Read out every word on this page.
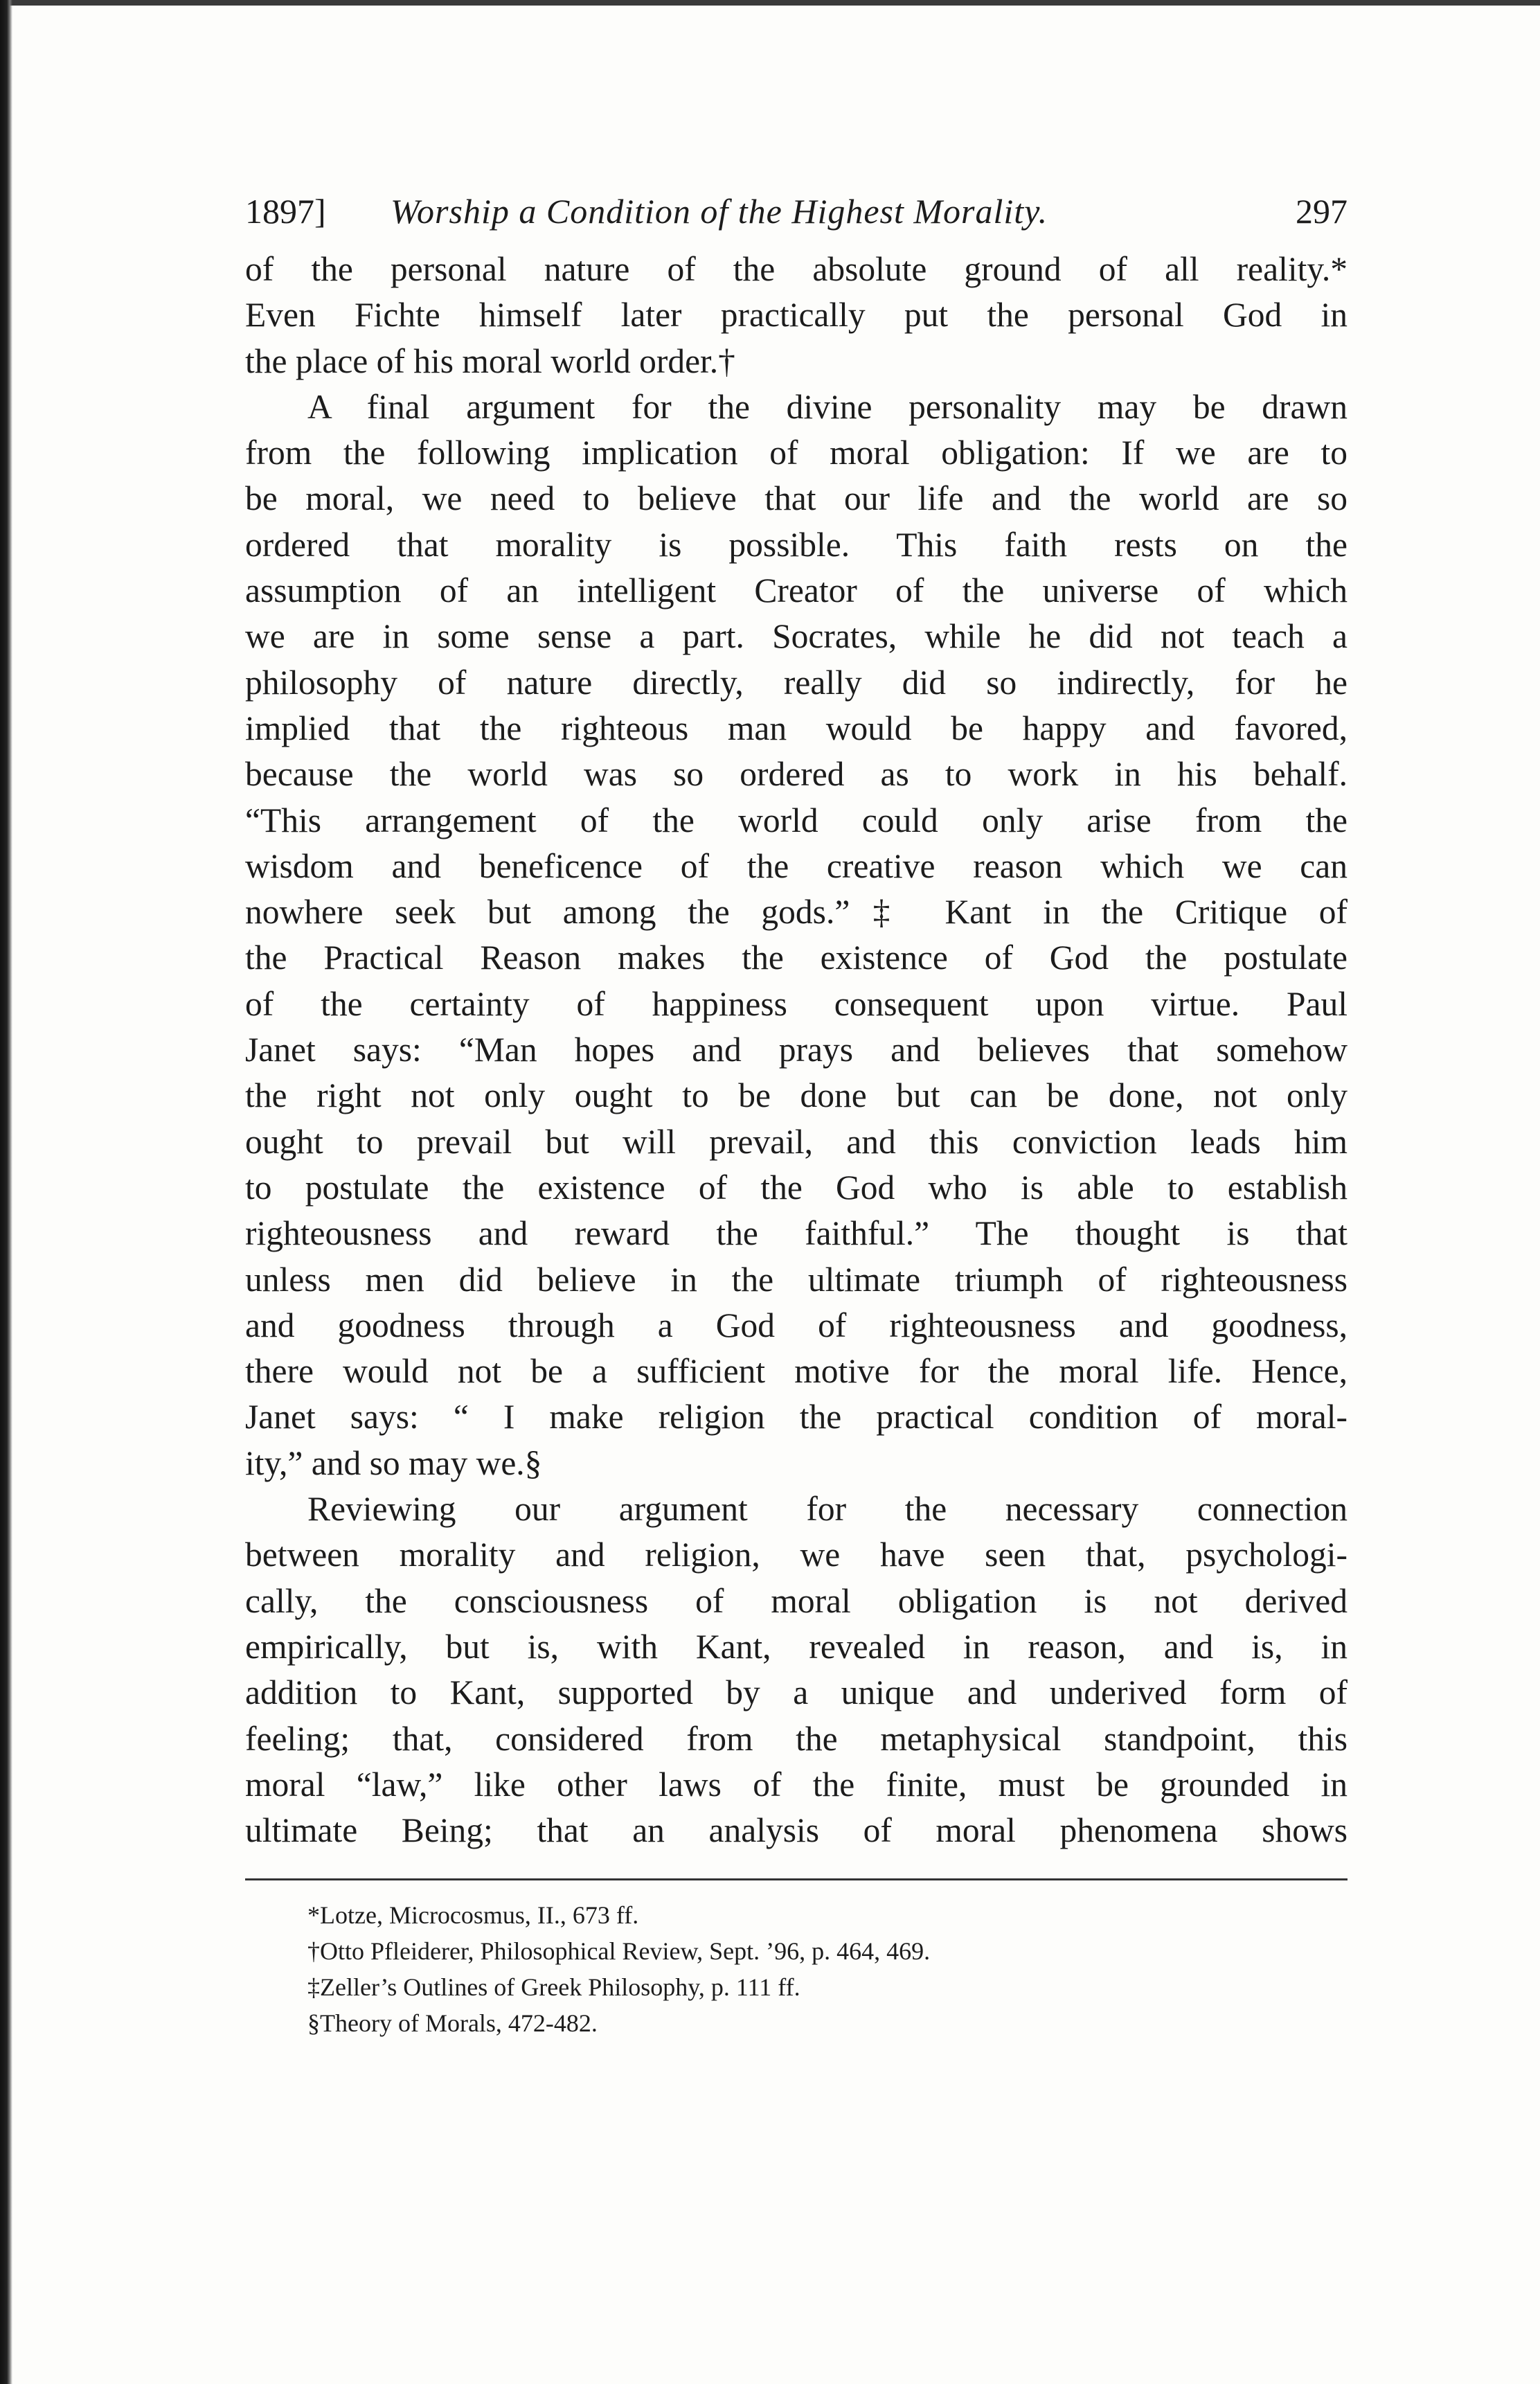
1897] Worship a Condition of the Highest Morality.	297
of the personal nature of the absolute ground of all reality.*
Even Fichte himself later practically put the personal God in
the place of his moral world order.†
A final argument for the divine personality may be drawn
from the following implication of moral obligation: If we are to
be moral, we need to believe that our life and the world are so
ordered that morality is possible. This faith rests on the
assumption of an intelligent Creator of the universe of which
we are in some sense a part. Socrates, while he did not teach a
philosophy of nature directly, really did so indirectly, for he
implied that the righteous man would be happy and favored,
because the world was so ordered as to work in his behalf.
“This arrangement of the world could only arise from the
wisdom and beneficence of the creative reason which we can
nowhere seek but among the gods.”‡ Kant in the Critique of
the Practical Reason makes the existence of God the postulate
of the certainty of happiness consequent upon virtue. Paul
Janet says: “Man hopes and prays and believes that somehow
the right not only ought to be done but can be done, not only
ought to prevail but will prevail, and this conviction leads him
to postulate the existence of the God who is able to establish
righteousness and reward the faithful.” The thought is that
unless men did believe in the ultimate triumph of righteousness
and goodness through a God of righteousness and goodness,
there would not be a sufficient motive for the moral life. Hence,
Janet says: “ I make religion the practical condition of moral-
ity,” and so may we.§
Reviewing our argument for the necessary connection
between morality and religion, we have seen that, psychologi-
cally, the consciousness of moral obligation is not derived
empirically, but is, with Kant, revealed in reason, and is, in
addition to Kant, supported by a unique and underived form of
feeling; that, considered from the metaphysical standpoint, this
moral “law,” like other laws of the finite, must be grounded in
ultimate Being; that an analysis of moral phenomena shows
*Lotze, Microcosmus, II., 673 ff.
†Otto Pfleiderer, Philosophical Review, Sept. ’96, p. 464, 469.
‡Zeller’s Outlines of Greek Philosophy, p. 111 ff.
§Theory of Morals, 472-482.
